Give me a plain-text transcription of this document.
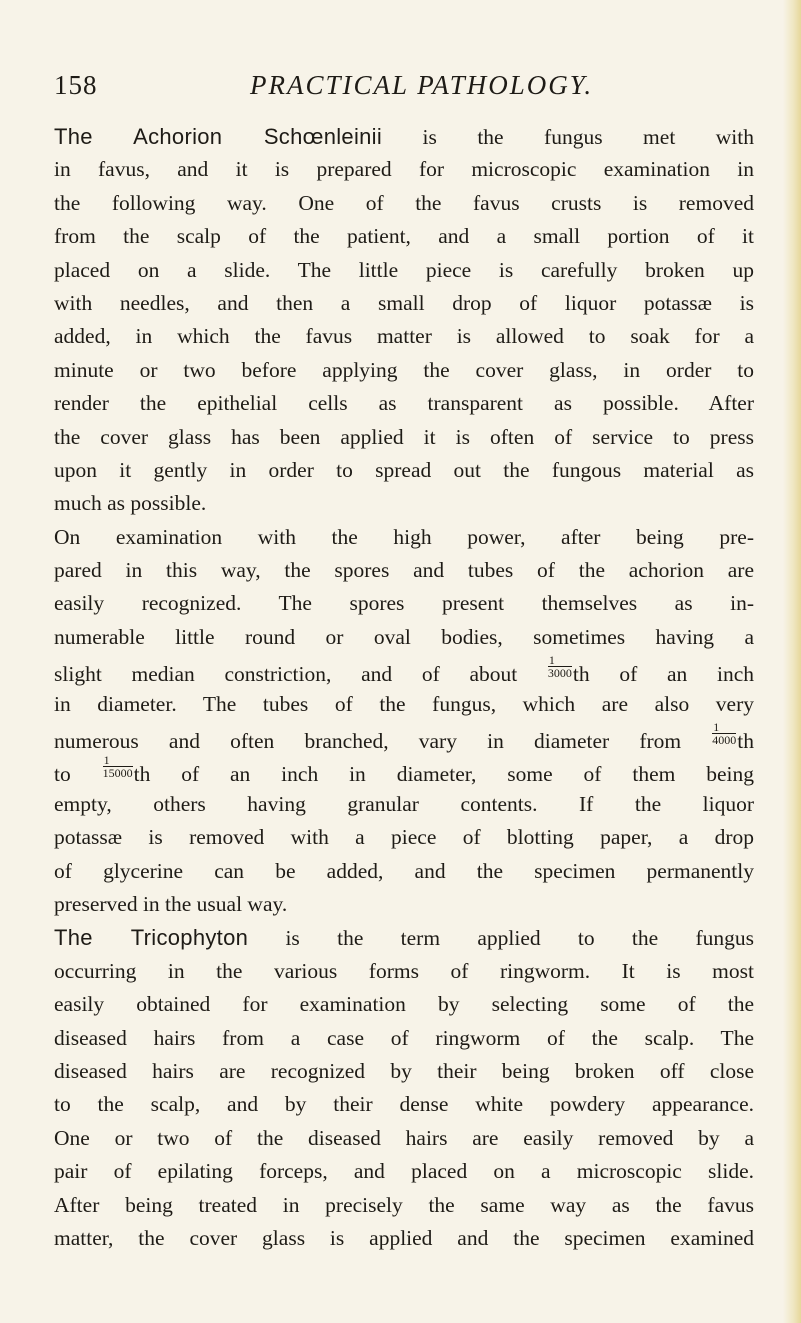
158	PRACTICAL PATHOLOGY.
The Achorion Schœnleinii is the fungus met with
in favus, and it is prepared for microscopic examination in
the following way. One of the favus crusts is removed
from the scalp of the patient, and a small portion of it
placed on a slide. The little piece is carefully broken up
with needles, and then a small drop of liquor potassæ is
added, in which the favus matter is allowed to soak for a
minute or two before applying the cover glass, in order to
render the epithelial cells as transparent as possible. After
the cover glass has been applied it is often of service to press
upon it gently in order to spread out the fungous material as
much as possible.
On examination with the high power, after being pre-
pared in this way, the spores and tubes of the achorion are
easily recognized. The spores present themselves as in-
numerable little round or oval bodies, sometimes having a
slight median constriction, and of about $\frac{1}{3000}$ th of an inch
in diameter. The tubes of the fungus, which are also very
numerous and often branched, vary in diameter from $\frac{1}{4000}$ th
to $\frac{1}{15000}$ th of an inch in diameter, some of them being
empty, others having granular contents. If the liquor
potassæ is removed with a piece of blotting paper, a drop
of glycerine can be added, and the specimen permanently
preserved in the usual way.
The Tricophyton is the term applied to the fungus
occurring in the various forms of ringworm. It is most
easily obtained for examination by selecting some of the
diseased hairs from a case of ringworm of the scalp. The
diseased hairs are recognized by their being broken off close
to the scalp, and by their dense white powdery appearance.
One or two of the diseased hairs are easily removed by a
pair of epilating forceps, and placed on a microscopic slide.
After being treated in precisely the same way as the favus
matter, the cover glass is applied and the specimen examined
